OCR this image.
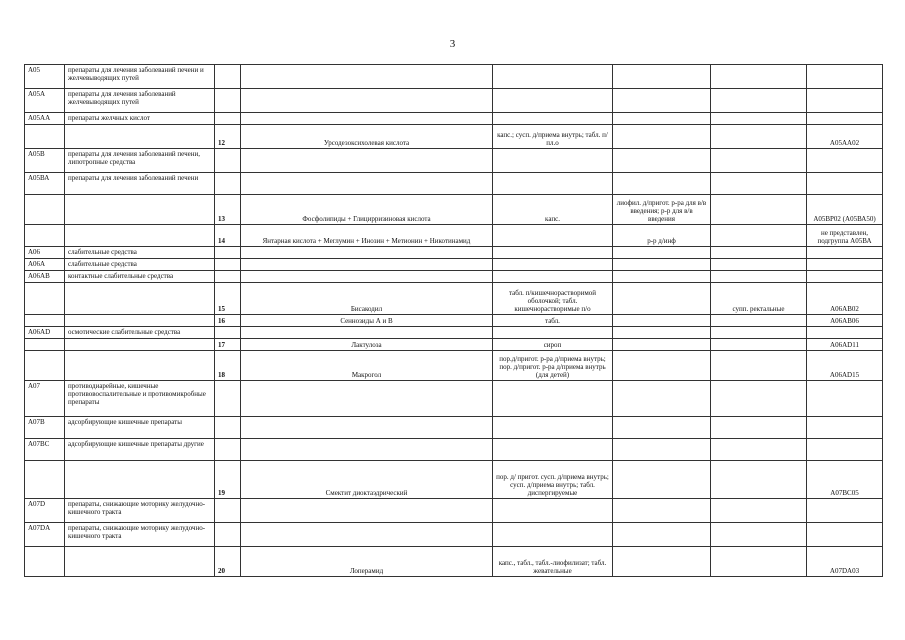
3
А05	препараты для лечения заболеваний печени и желчевыводящих путей						
А05А	препараты для лечения заболеваний желчевыводящих путей						
А05АА	препараты желчных кислот						
		12	Урсодезоксихолевая кислота	капс.; сусп. д/приема внутрь; табл. п/пл.о			А05АА02
А05В	препараты для лечения заболеваний печени, липотропные средства						
А05ВА	препараты для лечения заболеваний печени						
		13	Фосфолипиды + Глицирризиновая кислота	капс.	лиофил. д/пригот. р-ра для в/в введения; р-р для в/в введения		А05ВР02 (А05ВА50)
		14	Янтарная кислота + Меглумин + Инозин + Метионин + Никотинамид		р-р д/инф		не представлен, подгруппа А05ВА
А06	слабительные средства						
А06А	слабительные средства						
А06АВ	контактные слабительные средства						
		15	Бисакодил	табл. п/кишечнорастворимой оболочкой; табл. кишечнорастворимые п/о		супп. ректальные	А06АВ02
		16	Сеннозиды А и В	табл.			А06АВ06
А06АD	осмотические слабительные средства						
		17	Лактулоза	сироп			А06АD11
		18	Макрогол	пор.д/пригот. р-ра д/приема внутрь; пор. д/пригот. р-ра д/приема внутрь (для детей)			А06АD15
А07	противодиарейные, кишечные противовоспалительные и противомикробные препараты						
А07В	адсорбирующие кишечные препараты						
А07ВС	адсорбирующие кишечные препараты другие						
		19	Смектит диоктаэдрический	пор. д/ пригот. сусп. д/приема внутрь; сусп. д/приема внутрь; табл. диспергируемые			А07ВС05
А07D	препараты, снижающие моторику желудочно-кишечного тракта						
А07DА	препараты, снижающие моторику желудочно-кишечного тракта						
		20	Лоперамид	капс., табл., табл.-лиофилизат; табл. жевательные			А07DА03
